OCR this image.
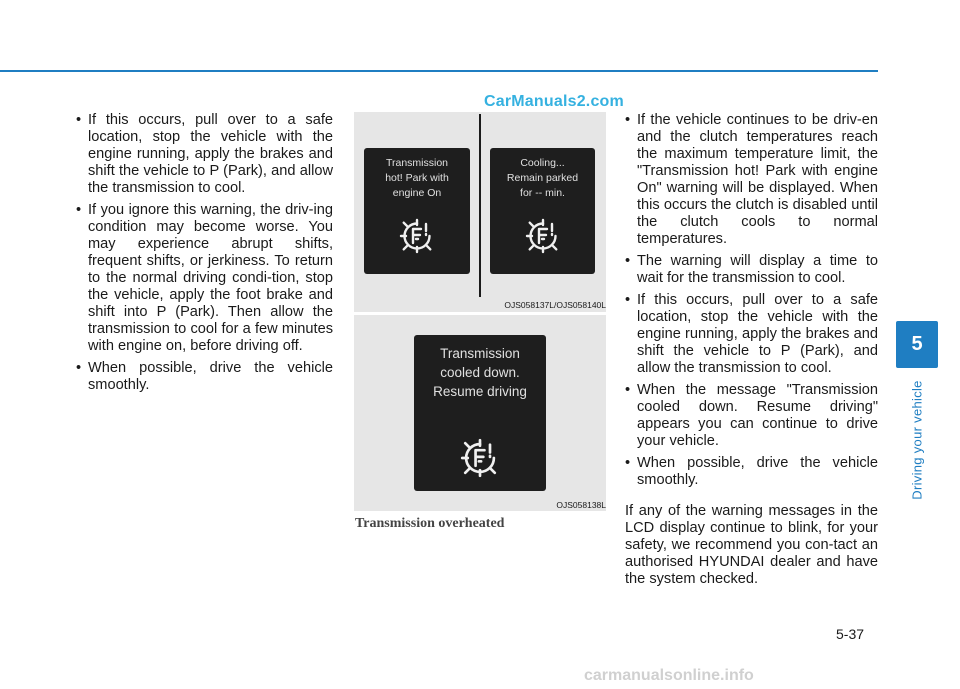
CarManuals2.com
• If this occurs, pull over to a safe location, stop the vehicle with the engine running, apply the brakes and shift the vehicle to P (Park), and allow the transmission to cool.
• If you ignore this warning, the driv-ing condition may become worse. You may experience abrupt shifts, frequent shifts, or jerkiness. To return to the normal driving condi-tion, stop the vehicle, apply the foot brake and shift into P (Park). Then allow the transmission to cool for a few minutes with engine on, before driving off.
• When possible, drive the vehicle smoothly.
Transmission
hot! Park with
engine On
Cooling...
Remain parked
for -- min.
OJS058137L/OJS058140L
Transmission
cooled down.
Resume driving
OJS058138L
Transmission overheated
• If the vehicle continues to be driv-en and the clutch temperatures reach the maximum temperature limit, the "Transmission hot! Park with engine On" warning will be displayed. When this occurs the clutch is disabled until the clutch cools to normal temperatures.
• The warning will display a time to wait for the transmission to cool.
• If this occurs, pull over to a safe location, stop the vehicle with the engine running, apply the brakes and shift the vehicle to P (Park), and allow the transmission to cool.
• When the message "Transmission cooled down. Resume driving" appears you can continue to drive your vehicle.
• When possible, drive the vehicle smoothly.

If any of the warning messages in the LCD display continue to blink, for your safety, we recommend you con-tact an authorised HYUNDAI dealer and have the system checked.

5
Driving your vehicle
5-37
carmanualsonline.info
